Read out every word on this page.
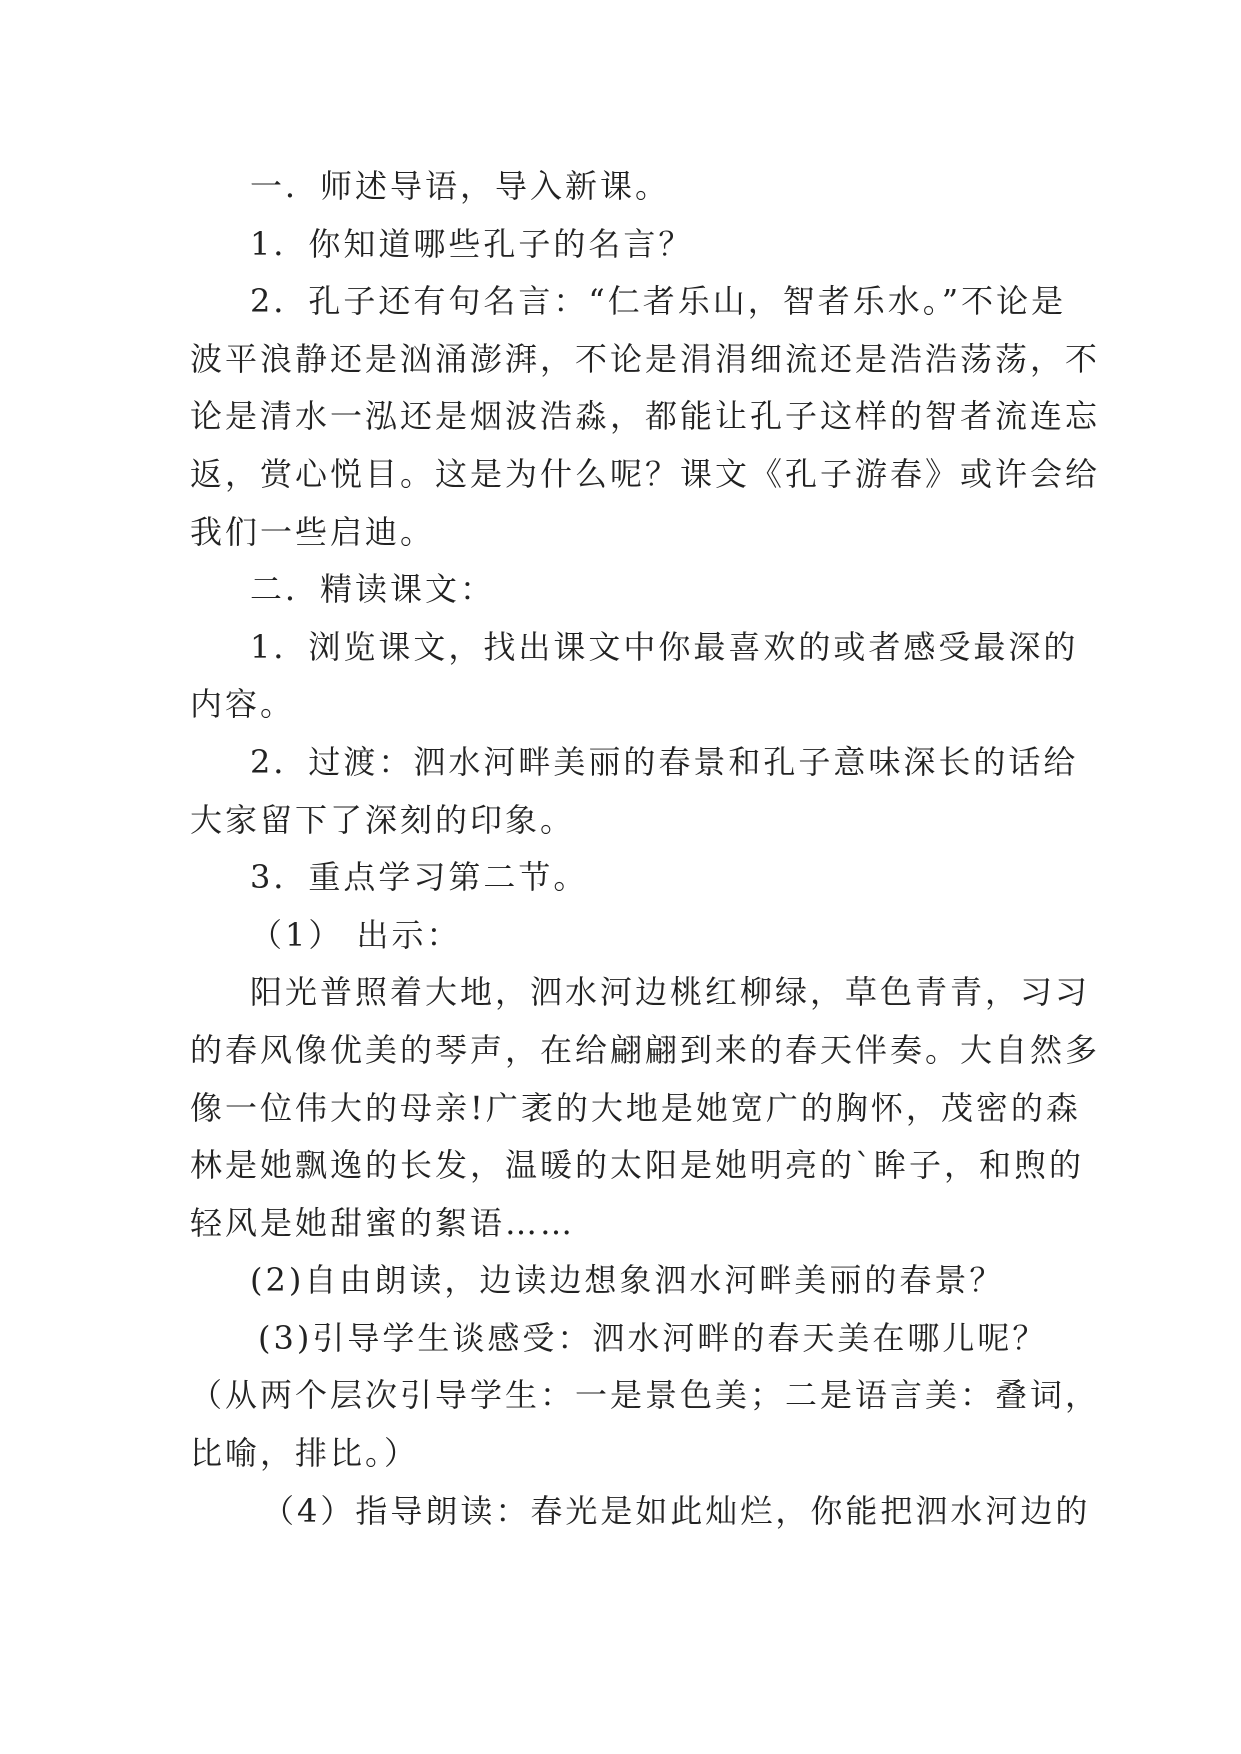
一．师述导语，导入新课。

1．你知道哪些孔子的名言？

2．孔子还有句名言：“仁者乐山，智者乐水。”不论是

波平浪静还是汹涌澎湃，不论是涓涓细流还是浩浩荡荡，不

论是清水一泓还是烟波浩淼，都能让孔子这样的智者流连忘

返，赏心悦目。这是为什么呢？课文《孔子游春》或许会给

我们一些启迪。

二．精读课文：

1．浏览课文，找出课文中你最喜欢的或者感受最深的

内容。

2．过渡：泗水河畔美丽的春景和孔子意味深长的话给

大家留下了深刻的印象。

3．重点学习第二节。

（1） 出示：

阳光普照着大地，泗水河边桃红柳绿，草色青青，习习

的春风像优美的琴声，在给翩翩到来的春天伴奏。大自然多

像一位伟大的母亲!广袤的大地是她宽广的胸怀，茂密的森

林是她飘逸的长发，温暖的太阳是她明亮的`眸子，和煦的

轻风是她甜蜜的絮语……

(2)自由朗读，边读边想象泗水河畔美丽的春景？

(3)引导学生谈感受：泗水河畔的春天美在哪儿呢？

（从两个层次引导学生：一是景色美；二是语言美：叠词，

比喻，排比。）

（4）指导朗读：春光是如此灿烂，你能把泗水河边的
